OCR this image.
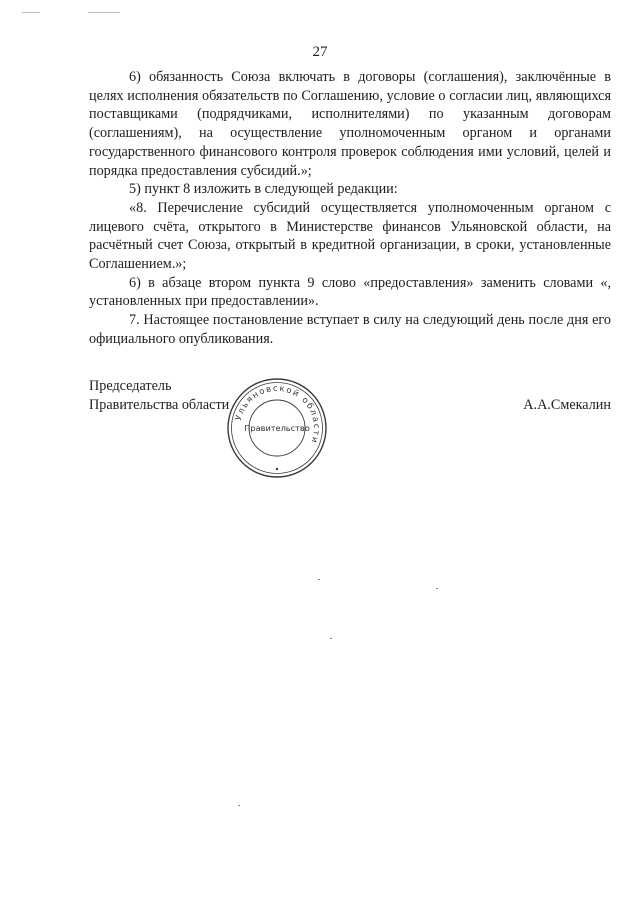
27

6) обязанность Союза включать в договоры (соглашения), заключённые в целях исполнения обязательств по Соглашению, условие о согласии лиц, являющихся поставщиками (подрядчиками, исполнителями) по указанным договорам (соглашениям), на осуществление уполномоченным органом и органами государственного финансового контроля проверок соблюдения ими условий, целей и порядка предоставления субсидий.»;

5) пункт 8 изложить в следующей редакции:

«8. Перечисление субсидий осуществляется уполномоченным органом с лицевого счёта, открытого в Министерстве финансов Ульяновской области, на расчётный счет Союза, открытый в кредитной организации, в сроки, установленные Соглашением.»;

6) в абзаце втором пункта 9 слово «предоставления» заменить словами «, установленных при предоставлении».

7. Настоящее постановление вступает в силу на следующий день после дня его официального опубликования.

Председатель
Правительства области	А.А.Смекалин
Ульяновской области
Правительство
